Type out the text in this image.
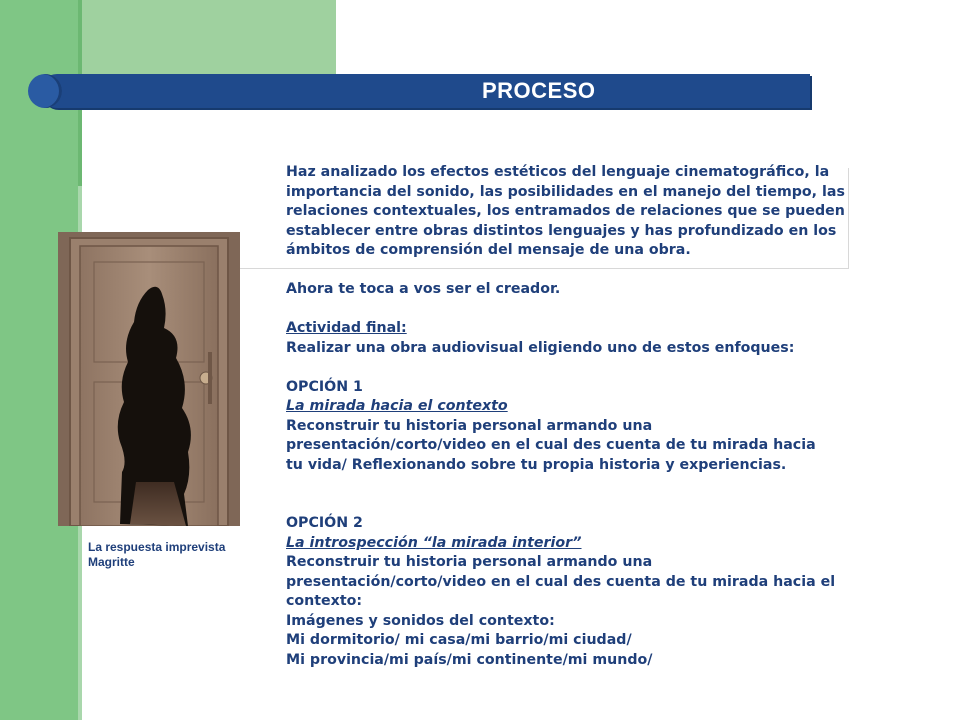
PROCESO
La respuesta imprevista
Magritte

Haz analizado los efectos estéticos del lenguaje cinematográfico, la

importancia del sonido, las posibilidades en el manejo del tiempo, las

relaciones contextuales, los entramados de relaciones que se pueden

establecer entre obras distintos lenguajes y has profundizado en los

ámbitos de comprensión del mensaje de una obra.

Ahora te toca a vos ser el creador.

Actividad final:

Realizar una obra audiovisual eligiendo uno de estos enfoques:

OPCIÓN 1

La mirada hacia el contexto

Reconstruir tu historia personal armando una

presentación/corto/video en el cual des cuenta de tu mirada hacia

tu vida/ Reflexionando sobre tu propia historia y experiencias.

OPCIÓN 2

La introspección “la mirada interior”

Reconstruir tu historia personal armando una

presentación/corto/video en el cual des cuenta de tu mirada hacia el

contexto:

Imágenes y sonidos del contexto:

Mi dormitorio/ mi casa/mi barrio/mi ciudad/

Mi provincia/mi país/mi continente/mi mundo/
